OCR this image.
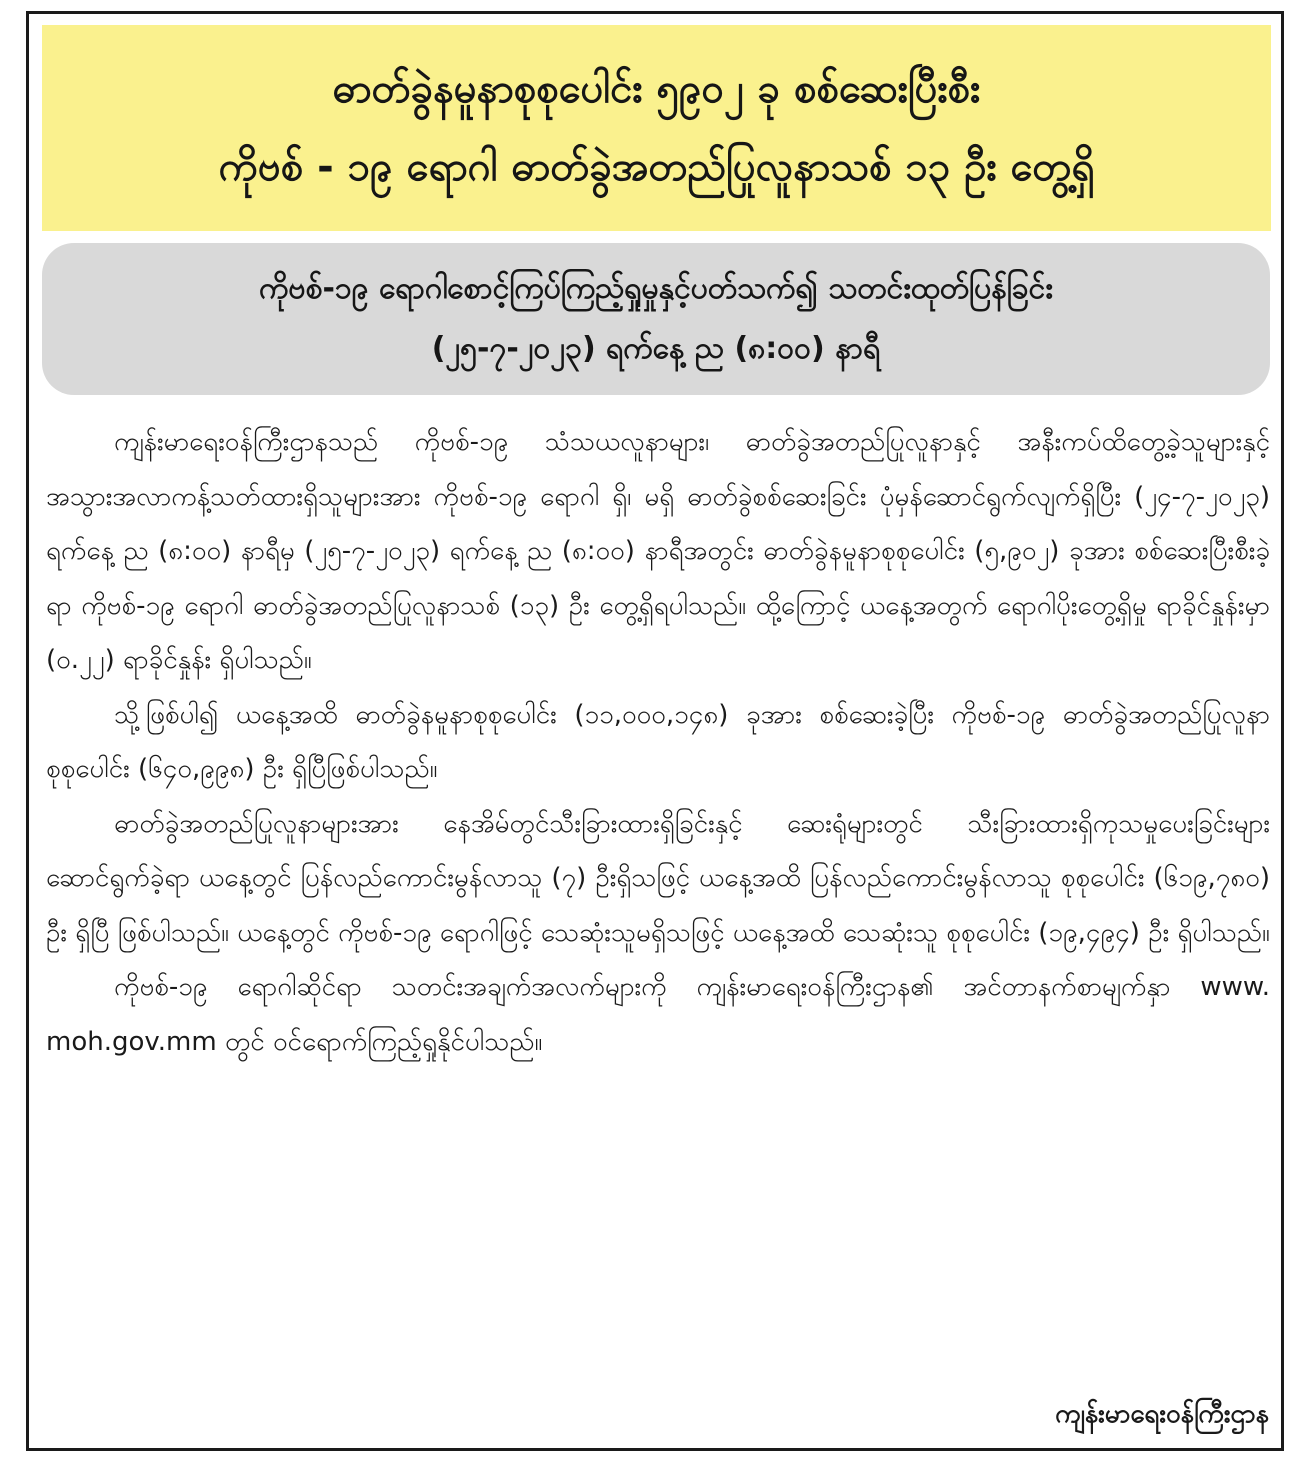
ဓာတ်ခွဲနမူနာစုစုပေါင်း ၅၉၀၂ ခု စစ်ဆေးပြီးစီး
ကိုဗစ် - ၁၉ ရောဂါ ဓာတ်ခွဲအတည်ပြုလူနာသစ် ၁၃ ဦး တွေ့ရှိ
ကိုဗစ်-၁၉ ရောဂါစောင့်ကြပ်ကြည့်ရှုမှုနှင့်ပတ်သက်၍ သတင်းထုတ်ပြန်ခြင်း
(၂၅-၇-၂၀၂၃) ရက်နေ့ ည (၈:၀၀) နာရီ

ကျန်းမာရေးဝန်ကြီးဌာနသည် ကိုဗစ်-၁၉ သံသယလူနာများ၊ ဓာတ်ခွဲအတည်ပြုလူနာနှင့် အနီးကပ်ထိတွေ့ခဲ့သူများနှင့် အသွားအလာကန့်သတ်ထားရှိသူများအား ကိုဗစ်-၁၉ ရောဂါ ရှိ၊ မရှိ ဓာတ်ခွဲစစ်ဆေးခြင်း ပုံမှန်ဆောင်ရွက်လျက်ရှိပြီး (၂၄-၇-၂၀၂၃) ရက်နေ့ ည (၈:၀၀) နာရီမှ (၂၅-၇-၂၀၂၃) ရက်နေ့ ည (၈:၀၀) နာရီအတွင်း ဓာတ်ခွဲနမူနာစုစုပေါင်း (၅,၉၀၂) ခုအား စစ်ဆေးပြီးစီးခဲ့ရာ ကိုဗစ်-၁၉ ရောဂါ ဓာတ်ခွဲအတည်ပြုလူနာသစ် (၁၃) ဦး တွေ့ရှိရပါသည်။ ထို့ကြောင့် ယနေ့အတွက် ရောဂါပိုးတွေ့ရှိမှု ရာခိုင်နှုန်းမှာ (၀.၂၂) ရာခိုင်နှုန်း ရှိပါသည်။

သို့ဖြစ်ပါ၍ ယနေ့အထိ ဓာတ်ခွဲနမူနာစုစုပေါင်း (၁၁,၀၀၀,၁၄၈) ခုအား စစ်ဆေးခဲ့ပြီး ကိုဗစ်-၁၉ ဓာတ်ခွဲအတည်ပြုလူနာ စုစုပေါင်း (၆၄၀,၉၉၈) ဦး ရှိပြီဖြစ်ပါသည်။

ဓာတ်ခွဲအတည်ပြုလူနာများအား နေအိမ်တွင်သီးခြားထားရှိခြင်းနှင့် ဆေးရုံများတွင် သီးခြားထားရှိကုသမှုပေးခြင်းများ ဆောင်ရွက်ခဲ့ရာ ယနေ့တွင် ပြန်လည်ကောင်းမွန်လာသူ (၇) ဦးရှိသဖြင့် ယနေ့အထိ ပြန်လည်ကောင်းမွန်လာသူ စုစုပေါင်း (၆၁၉,၇၈၀) ဦး ရှိပြီ ဖြစ်ပါသည်။ ယနေ့တွင် ကိုဗစ်-၁၉ ရောဂါဖြင့် သေဆုံးသူမရှိသဖြင့် ယနေ့အထိ သေဆုံးသူ စုစုပေါင်း (၁၉,၄၉၄) ဦး ရှိပါသည်။

ကိုဗစ်-၁၉ ရောဂါဆိုင်ရာ သတင်းအချက်အလက်များကို ကျန်းမာရေးဝန်ကြီးဌာန၏ အင်တာနက်စာမျက်နှာ www. moh.gov.mm တွင် ဝင်ရောက်ကြည့်ရှုနိုင်ပါသည်။

ကျန်းမာရေးဝန်ကြီးဌာန
